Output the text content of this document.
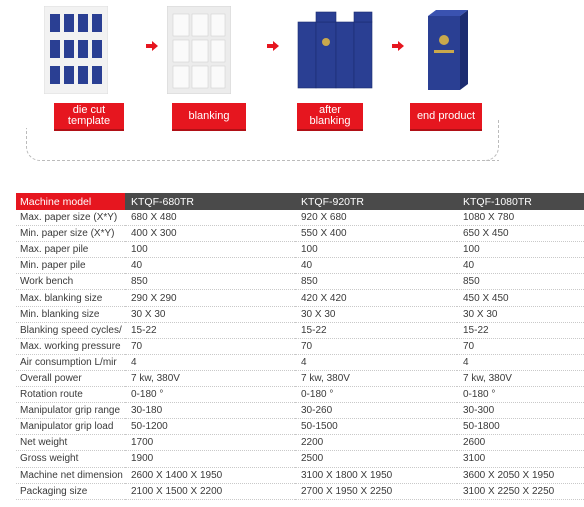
die cut template	blanking	after blanking	end product
Machine model	KTQF-680TR	KTQF-920TR	KTQF-1080TR
Max. paper size (X*Y)	680 X 480	920 X 680	1080 X 780
Min. paper size (X*Y)	400 X 300	550 X 400	650 X 450
Max. paper pile	100	100	100
Min. paper pile	40	40	40
Work bench	850	850	850
Max. blanking size	290 X 290	420 X 420	450 X 450
Min. blanking size	30 X 30	30 X 30	30 X 30
Blanking speed cycles/	15-22	15-22	15-22
Max. working pressure	70	70	70
Air consumption L/mir	4	4	4
Overall power	7 kw, 380V	7 kw, 380V	7 kw, 380V
Rotation route	0-180 °	0-180 °	0-180 °
Manipulator grip range	30-180	30-260	30-300
Manipulator grip load	50-1200	50-1500	50-1800
Net weight	1700	2200	2600
Gross weight	1900	2500	3100
Machine net dimension	2600 X 1400 X 1950	3100 X 1800 X 1950	3600 X 2050 X 1950
Packaging size	2100 X 1500 X 2200	2700 X 1950 X 2250	3100 X 2250 X 2250
